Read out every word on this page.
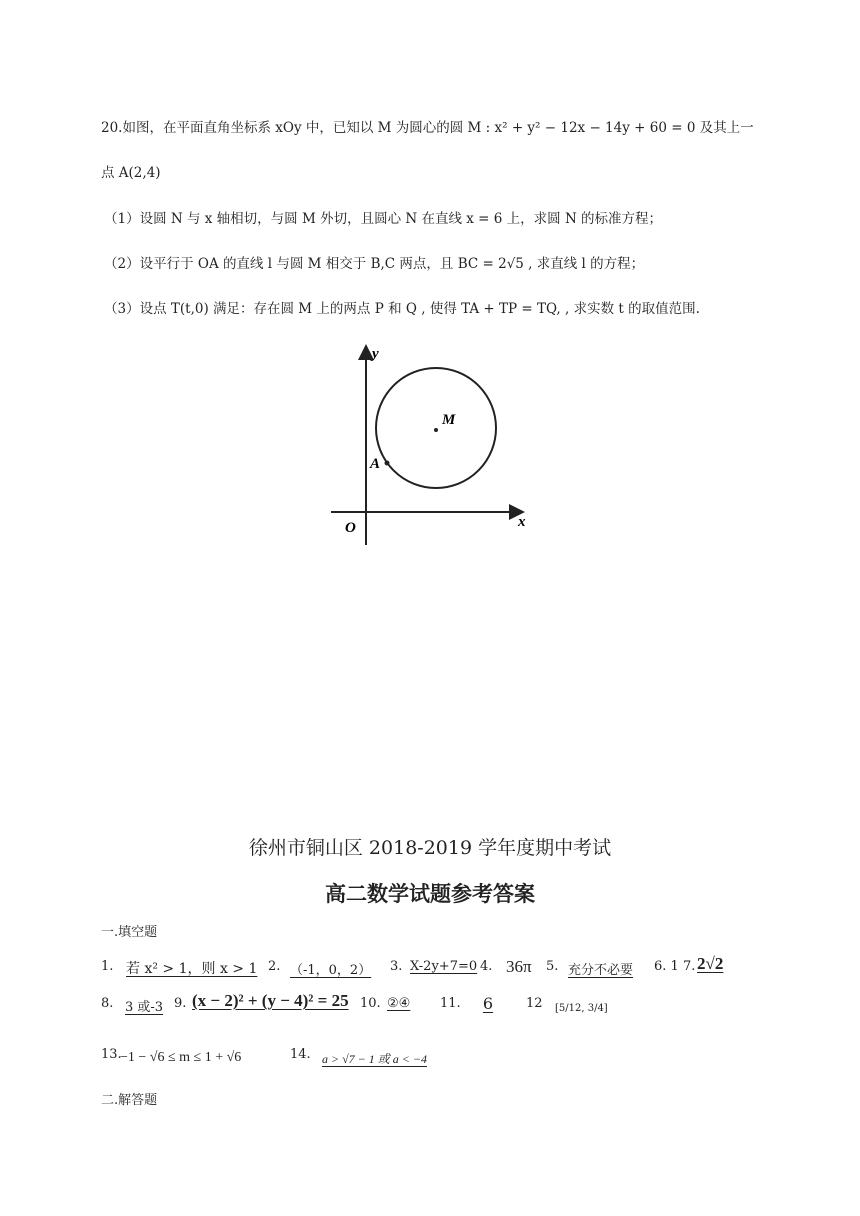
20.如图，在平面直角坐标系 xOy 中，已知以 M 为圆心的圆 M : x² + y² − 12x − 14y + 60 = 0 及其上一
点 A(2,4)
（1）设圆 N 与 x 轴相切，与圆 M 外切，且圆心 N 在直线 x = 6 上，求圆 N 的标准方程；
（2）设平行于 OA 的直线 l 与圆 M 相交于 B,C 两点，且 BC = 2√5 , 求直线 l 的方程；
（3）设点 T(t,0) 满足：存在圆 M 上的两点 P 和 Q , 使得 TA + TP = TQ, , 求实数 t 的取值范围.
y
x
O
M
A
徐州市铜山区 2018-2019 学年度期中考试
高二数学试题参考答案
一.填空题
1. 若 x² > 1，则 x > 1 2. （-1，0，2） 3. X-2y+7=0 4. 36π 5. 充分不必要 6. 1 7. 2√2
8. 3 或-3 9. (x − 2)² + (y − 4)² = 25 10. ②④ 11.	6	12 [5/12, 3/4]
13.
−1 − √6 ≤ m ≤ 1 + √6	14. a > √7 − 1 或 a < −4
二.解答题
